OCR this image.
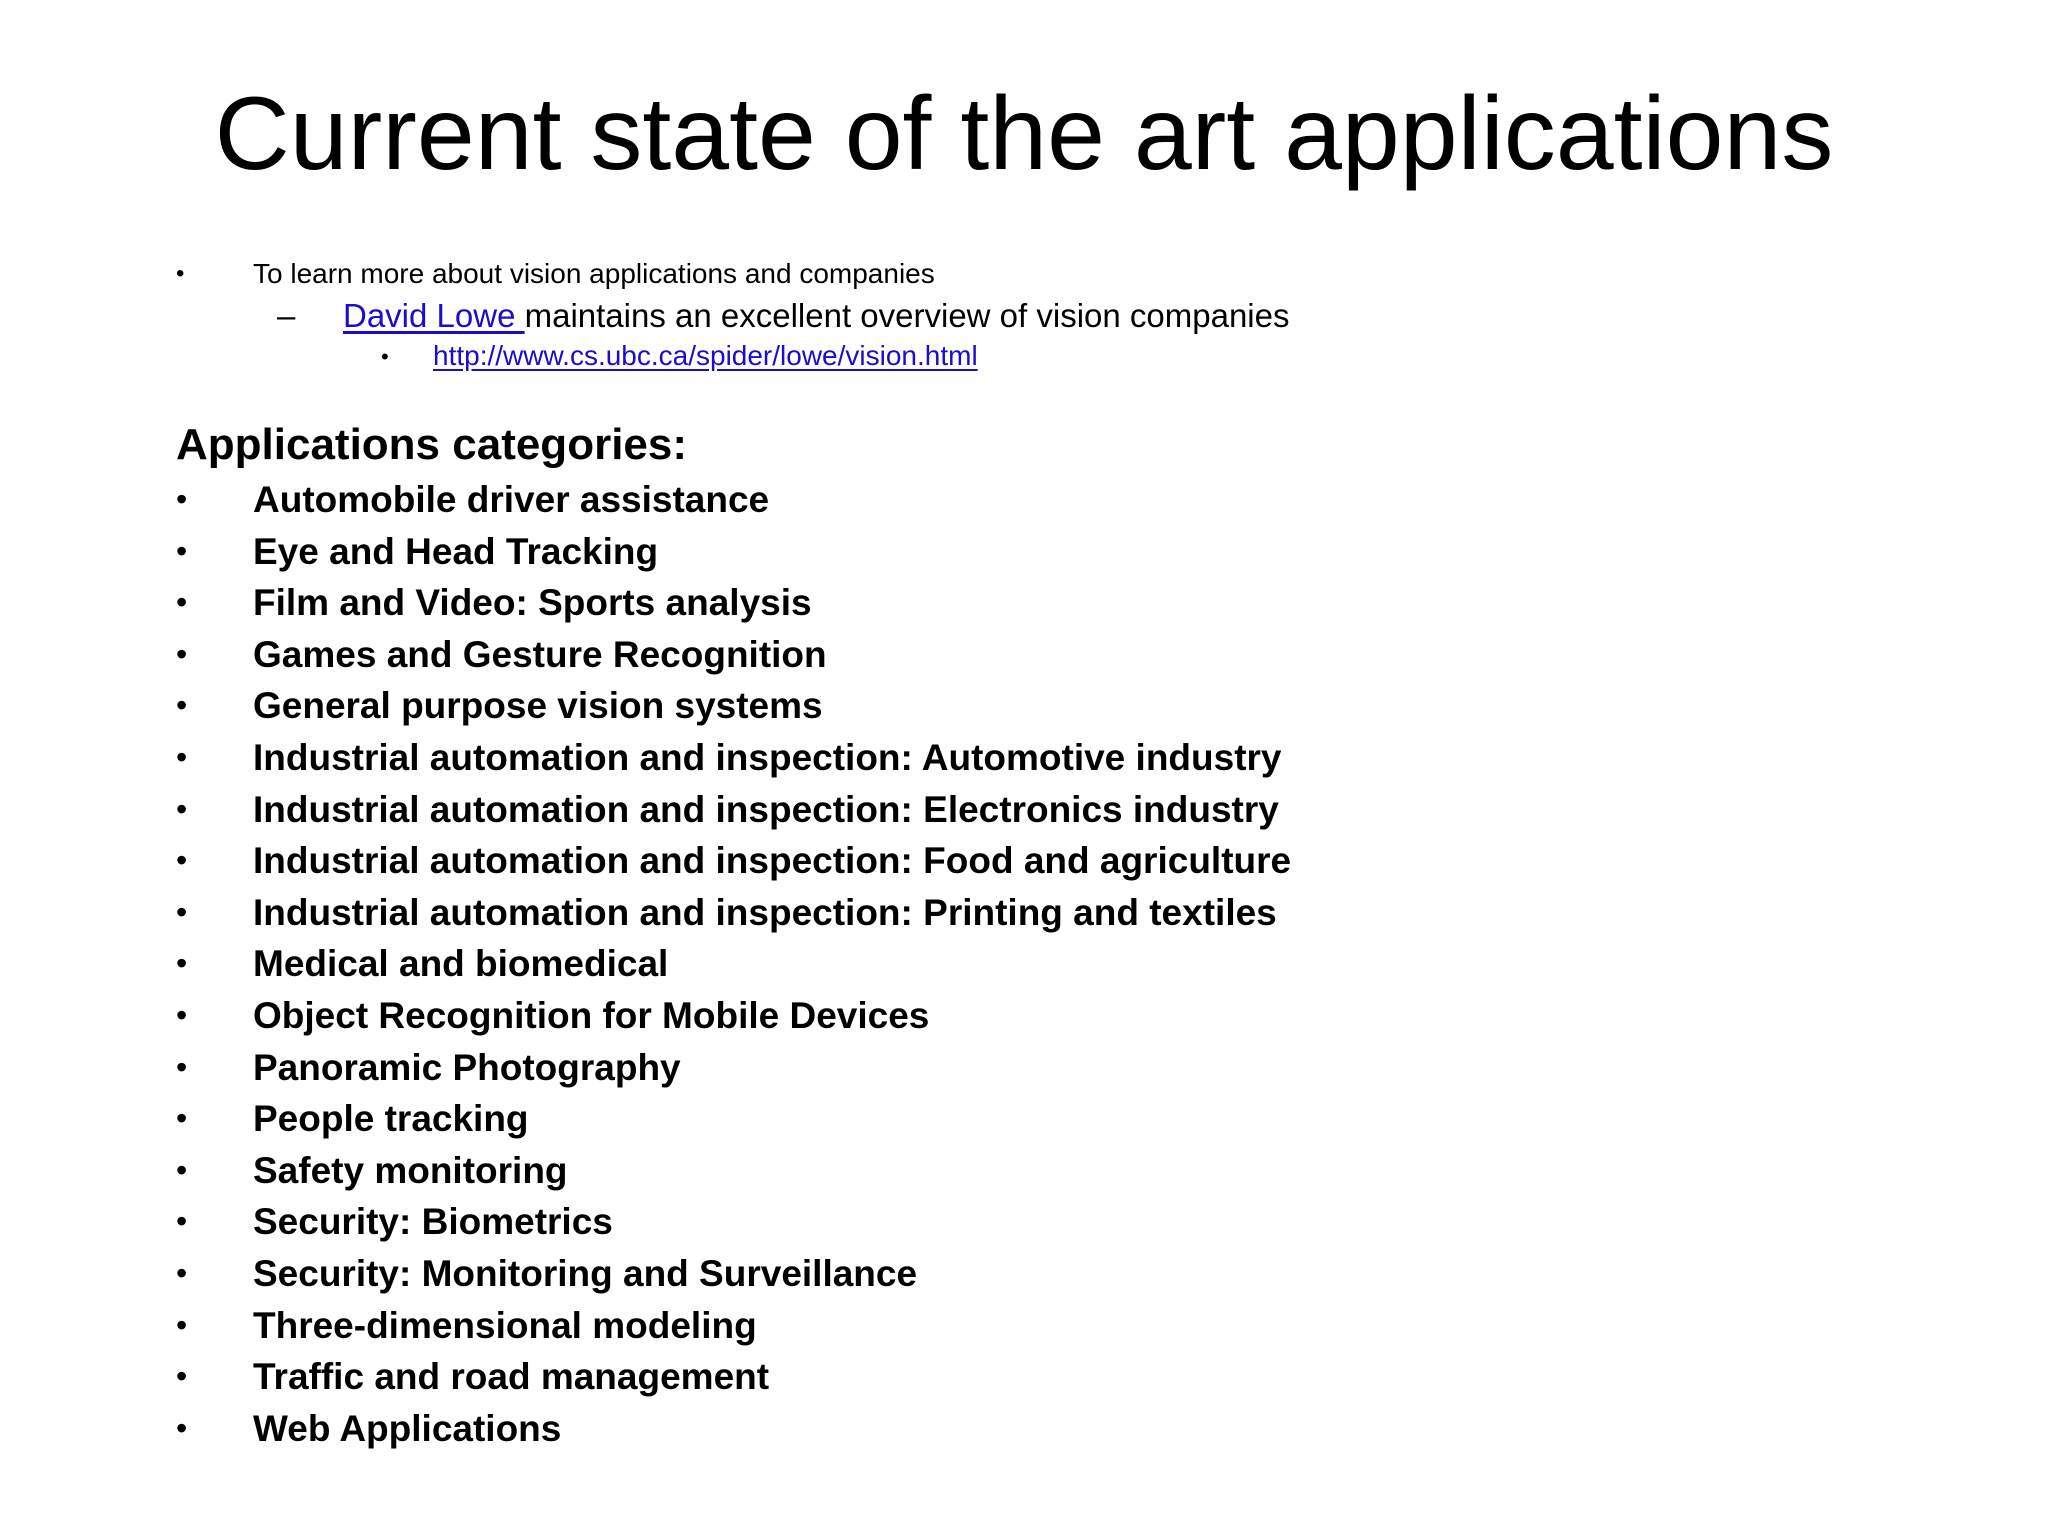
Current state of the art applications
• To learn more about vision applications and companies
– David Lowe maintains an excellent overview of vision companies
• http://www.cs.ubc.ca/spider/lowe/vision.html
Applications categories:
• Automobile driver assistance
• Eye and Head Tracking
• Film and Video: Sports analysis
• Games and Gesture Recognition
• General purpose vision systems
• Industrial automation and inspection: Automotive industry
• Industrial automation and inspection: Electronics industry
• Industrial automation and inspection: Food and agriculture
• Industrial automation and inspection: Printing and textiles
• Medical and biomedical
• Object Recognition for Mobile Devices
• Panoramic Photography
• People tracking
• Safety monitoring
• Security: Biometrics
• Security: Monitoring and Surveillance
• Three-dimensional modeling
• Traffic and road management
• Web Applications
